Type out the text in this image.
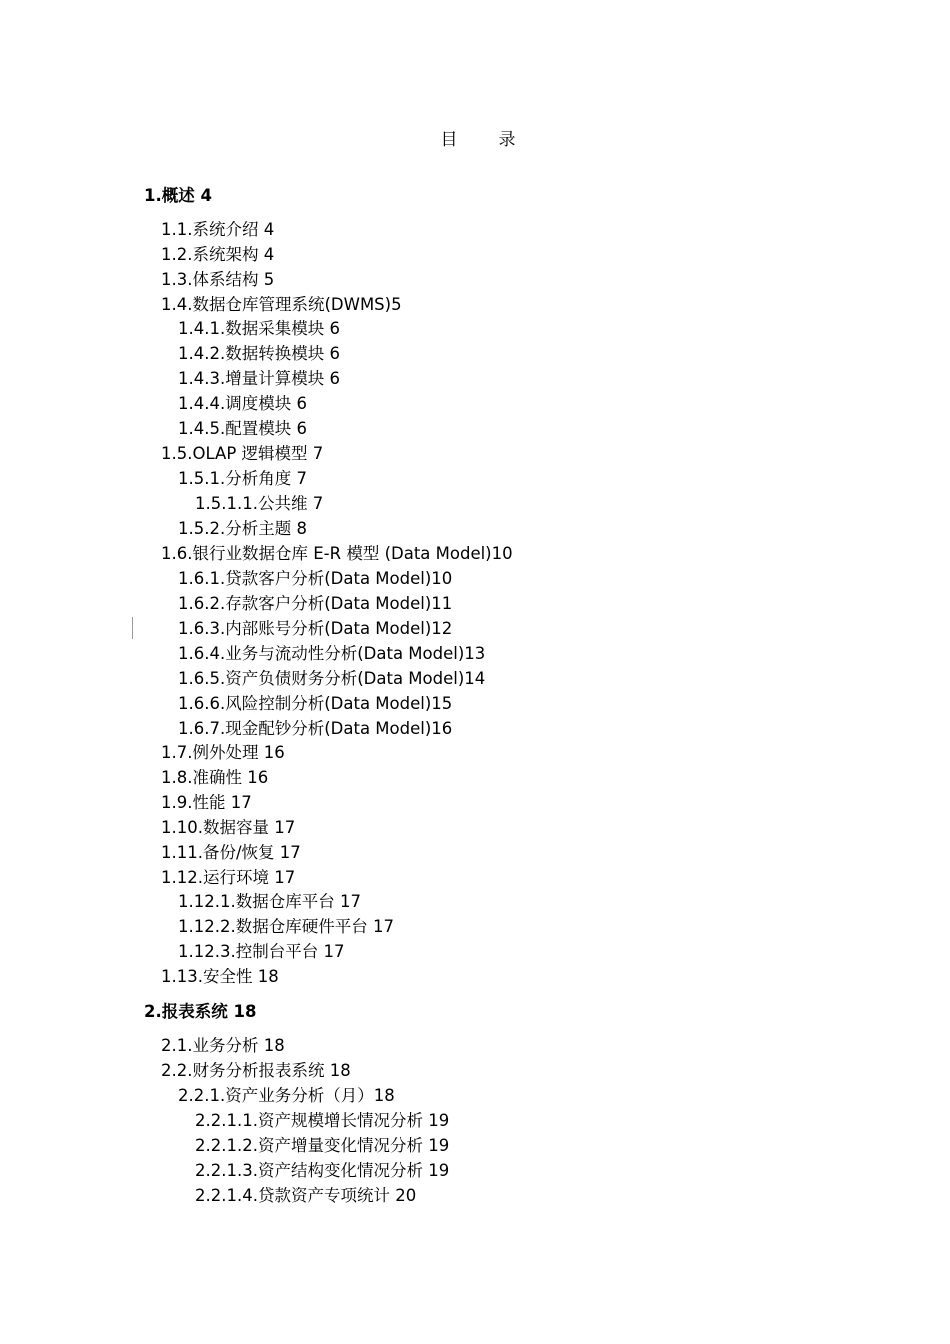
目　录
1.概述 4
1.1.系统介绍 4
1.2.系统架构 4
1.3.体系结构 5
1.4.数据仓库管理系统(DWMS)5
1.4.1.数据采集模块 6
1.4.2.数据转换模块 6
1.4.3.增量计算模块 6
1.4.4.调度模块 6
1.4.5.配置模块 6
1.5.OLAP 逻辑模型 7
1.5.1.分析角度 7
1.5.1.1.公共维 7
1.5.2.分析主题 8
1.6.银行业数据仓库 E-R 模型 (Data Model)10
1.6.1.贷款客户分析(Data Model)10
1.6.2.存款客户分析(Data Model)11
1.6.3.内部账号分析(Data Model)12
1.6.4.业务与流动性分析(Data Model)13
1.6.5.资产负债财务分析(Data Model)14
1.6.6.风险控制分析(Data Model)15
1.6.7.现金配钞分析(Data Model)16
1.7.例外处理 16
1.8.准确性 16
1.9.性能 17
1.10.数据容量 17
1.11.备份/恢复 17
1.12.运行环境 17
1.12.1.数据仓库平台 17
1.12.2.数据仓库硬件平台 17
1.12.3.控制台平台 17
1.13.安全性 18
2.报表系统 18
2.1.业务分析 18
2.2.财务分析报表系统 18
2.2.1.资产业务分析（月）18
2.2.1.1.资产规模增长情况分析 19
2.2.1.2.资产增量变化情况分析 19
2.2.1.3.资产结构变化情况分析 19
2.2.1.4.贷款资产专项统计 20
